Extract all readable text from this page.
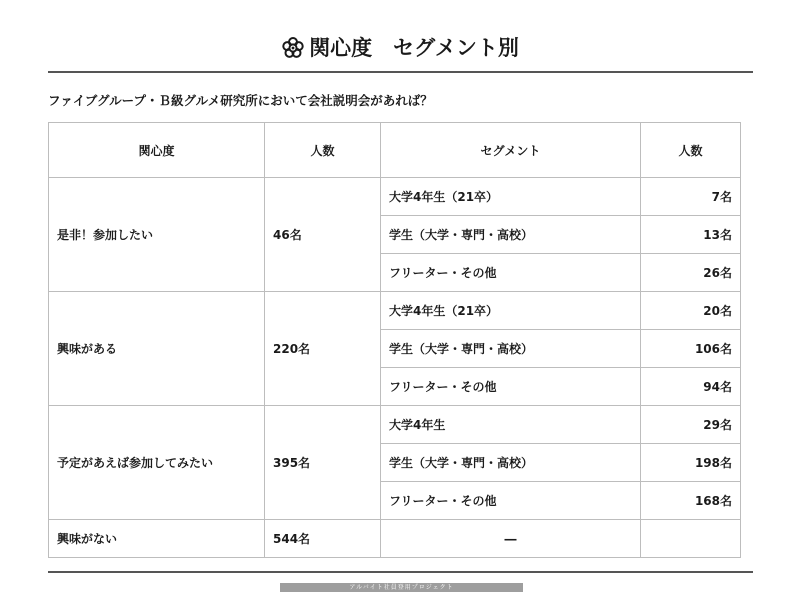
関心度　セグメント別
ファイブグループ・Ｂ級グルメ研究所において会社説明会があれば？
関心度	人数	セグメント	人数
是非！参加したい	46名	大学4年生（21卒）	7名
		学生（大学・専門・高校）	13名
		フリーター・その他	26名
興味がある	220名	大学4年生（21卒）	20名
		学生（大学・専門・高校）	106名
		フリーター・その他	94名
予定があえば参加してみたい	395名	大学4年生	29名
		学生（大学・専門・高校）	198名
		フリーター・その他	168名
興味がない	544名	―	
アルバイト社員登用プロジェクト
